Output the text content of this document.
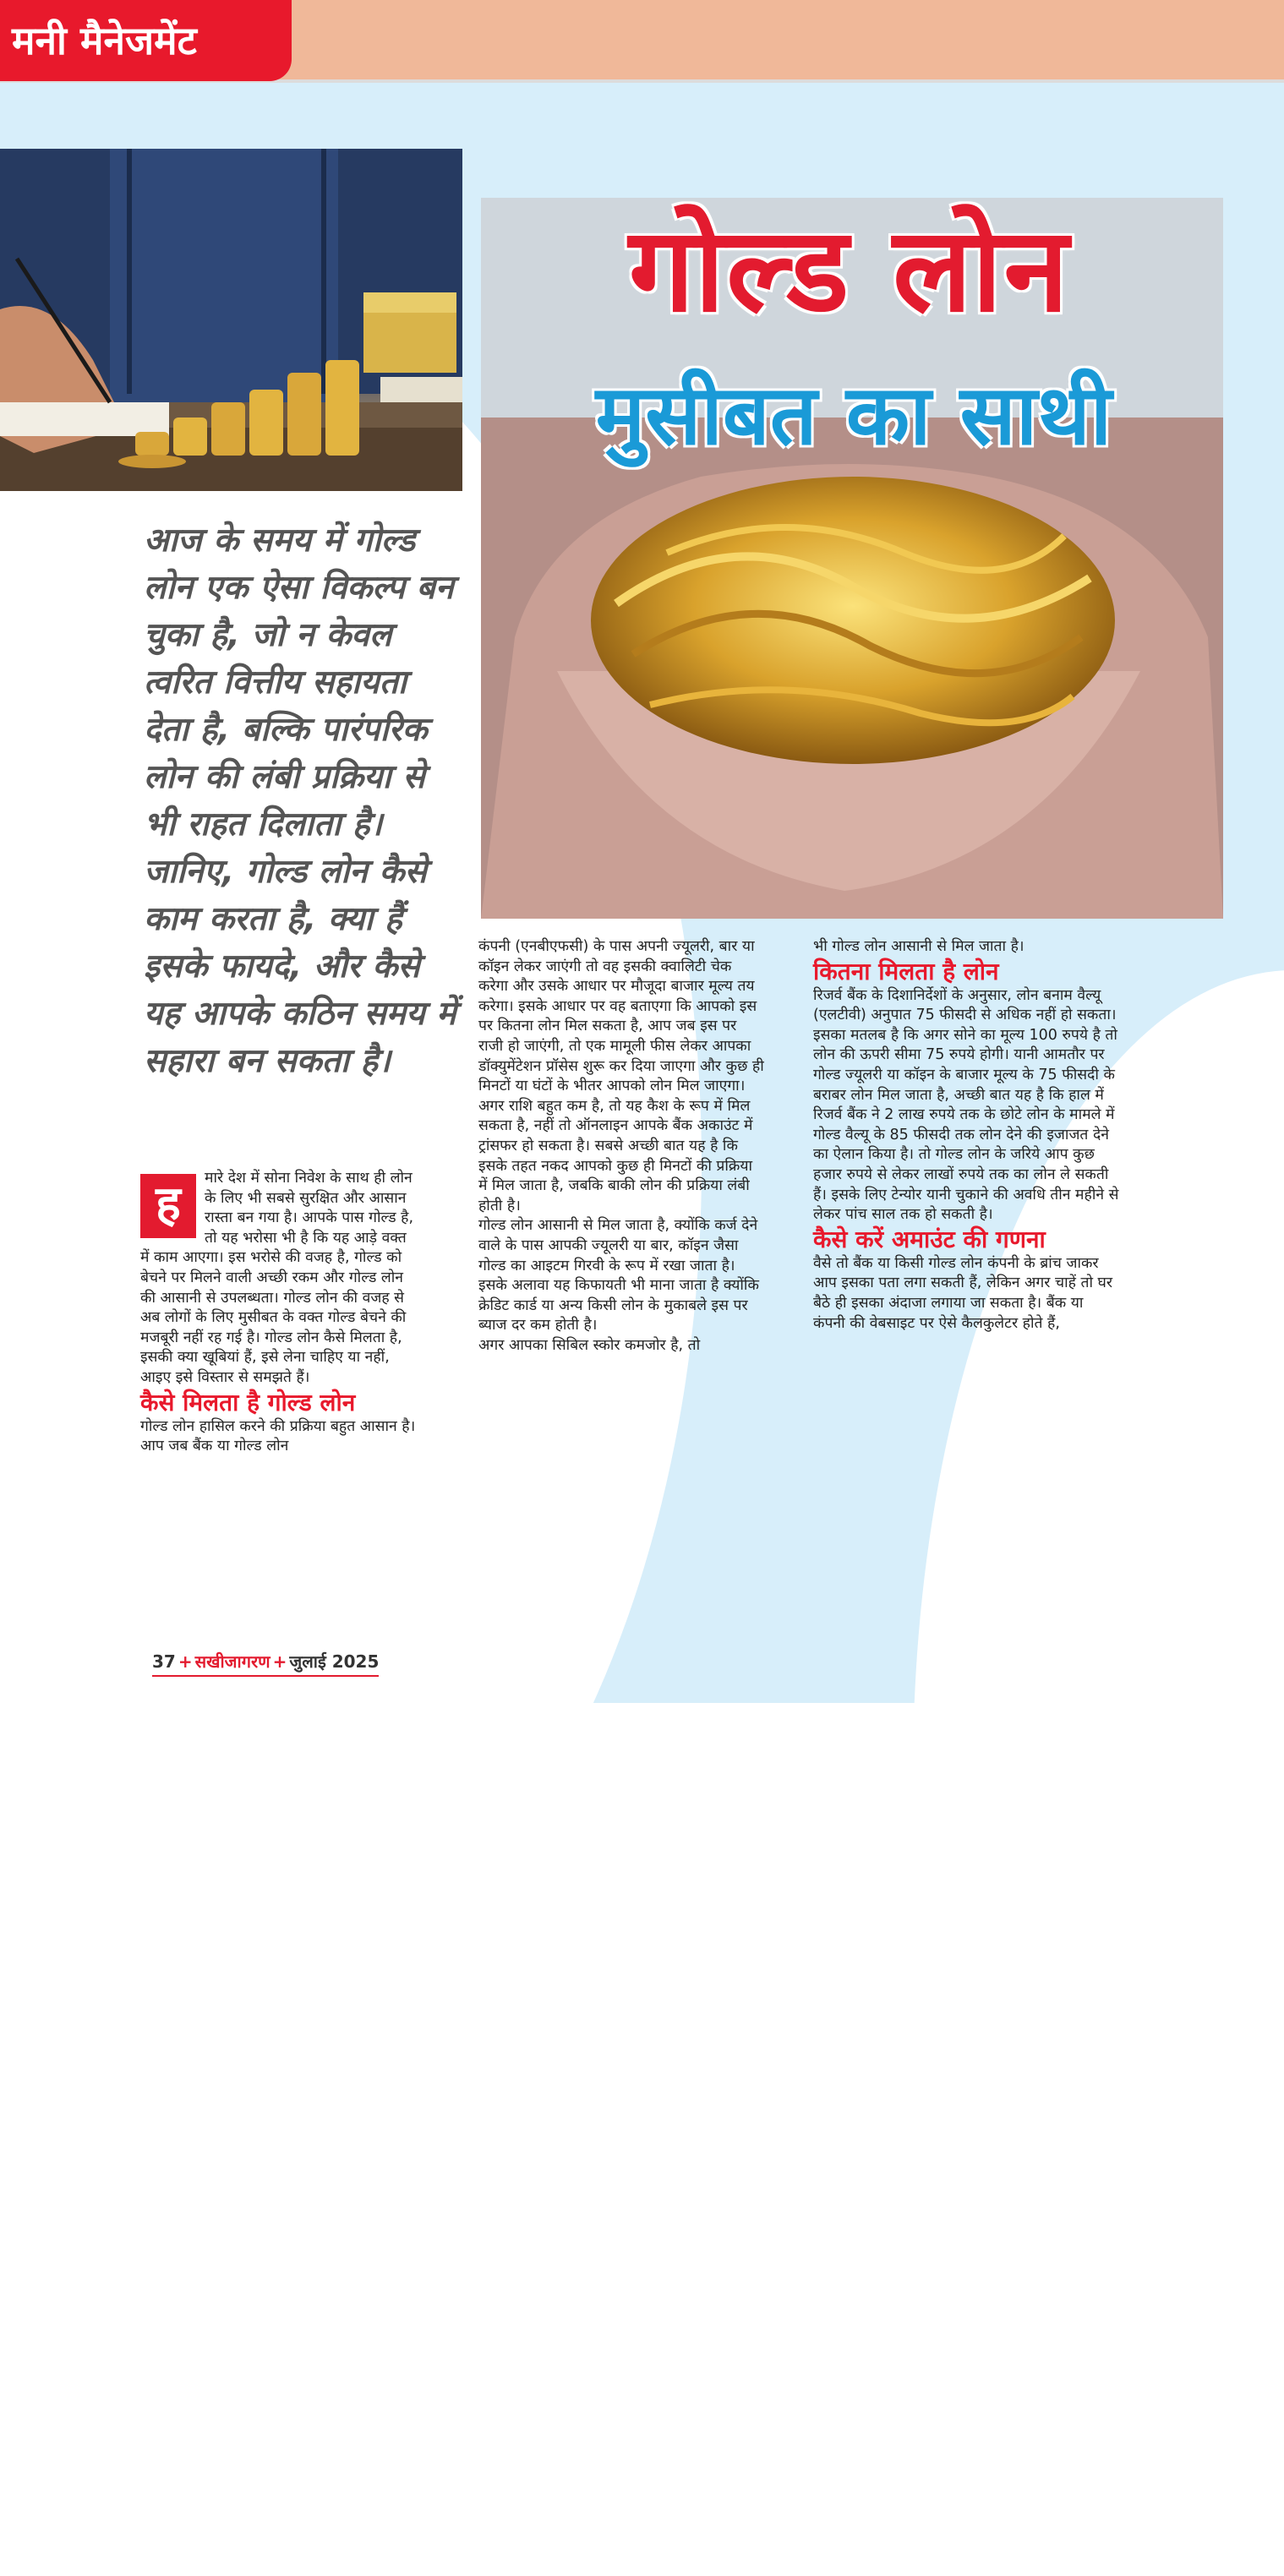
मनी मैनेजमेंट
गोल्ड लोन
मुसीबत का साथी
आज के समय में गोल्ड लोन एक ऐसा विकल्प बन चुका है, जो न केवल त्वरित वित्तीय सहायता देता है, बल्कि पारंपरिक लोन की लंबी प्रक्रिया से भी राहत दिलाता है। जानिए, गोल्ड लोन कैसे काम करता है, क्या हैं इसके फायदे, और कैसे यह आपके कठिन समय में सहारा बन सकता है।
ह	मारे देश में सोना निवेश के साथ ही लोन के लिए भी सबसे सुरक्षित और आसान रास्ता बन गया है। आपके पास गोल्ड है, तो यह भरोसा भी है कि यह आड़े वक्त में काम आएगा। इस भरोसे की वजह है, गोल्ड को बेचने पर मिलने वाली अच्छी रकम और गोल्ड लोन की आसानी से उपलब्धता। गोल्ड लोन की वजह से अब लोगों के लिए मुसीबत के वक्त गोल्ड बेचने की मजबूरी नहीं रह गई है। गोल्ड लोन कैसे मिलता है, इसकी क्या खूबियां हैं, इसे लेना चाहिए या नहीं, आइए इसे विस्तार से समझते हैं।

कैसे मिलता है गोल्ड लोन

गोल्ड लोन हासिल करने की प्रक्रिया बहुत आसान है। आप जब बैंक या गोल्ड लोन

कंपनी (एनबीएफसी) के पास अपनी ज्यूलरी, बार या कॉइन लेकर जाएंगी तो वह इसकी क्वालिटी चेक करेगा और उसके आधार पर मौजूदा बाजार मूल्य तय करेगा। इसके आधार पर वह बताएगा कि आपको इस पर कितना लोन मिल सकता है, आप जब इस पर राजी हो जाएंगी, तो एक मामूली फीस लेकर आपका डॉक्युमेंटेशन प्रॉसेस शुरू कर दिया जाएगा और कुछ ही मिनटों या घंटों के भीतर आपको लोन मिल जाएगा। अगर राशि बहुत कम है, तो यह कैश के रूप में मिल सकता है, नहीं तो ऑनलाइन आपके बैंक अकाउंट में ट्रांसफर हो सकता है। सबसे अच्छी बात यह है कि इसके तहत नकद आपको कुछ ही मिनटों की प्रक्रिया में मिल जाता है, जबकि बाकी लोन की प्रक्रिया लंबी होती है।

गोल्ड लोन आसानी से मिल जाता है, क्योंकि कर्ज देने वाले के पास आपकी ज्यूलरी या बार, कॉइन जैसा गोल्ड का आइटम गिरवी के रूप में रखा जाता है। इसके अलावा यह किफायती भी माना जाता है क्योंकि क्रेडिट कार्ड या अन्य किसी लोन के मुकाबले इस पर ब्याज दर कम होती है।

अगर आपका सिबिल स्कोर कमजोर है, तो

भी गोल्ड लोन आसानी से मिल जाता है।

कितना मिलता है लोन

रिजर्व बैंक के दिशानिर्देशों के अनुसार, लोन बनाम वैल्यू (एलटीवी) अनुपात 75 फीसदी से अधिक नहीं हो सकता। इसका मतलब है कि अगर सोने का मूल्य 100 रुपये है तो लोन की ऊपरी सीमा 75 रुपये होगी। यानी आमतौर पर गोल्ड ज्यूलरी या कॉइन के बाजार मूल्य के 75 फीसदी के बराबर लोन मिल जाता है, अच्छी बात यह है कि हाल में रिजर्व बैंक ने 2 लाख रुपये तक के छोटे लोन के मामले में गोल्ड वैल्यू के 85 फीसदी तक लोन देने की इजाजत देने का ऐलान किया है। तो गोल्ड लोन के जरिये आप कुछ हजार रुपये से लेकर लाखों रुपये तक का लोन ले सकती हैं। इसके लिए टेन्योर यानी चुकाने की अवधि तीन महीने से लेकर पांच साल तक हो सकती है।

कैसे करें अमाउंट की गणना

वैसे तो बैंक या किसी गोल्ड लोन कंपनी के ब्रांच जाकर आप इसका पता लगा सकती हैं, लेकिन अगर चाहें तो घर बैठे ही इसका अंदाजा लगाया जा सकता है। बैंक या कंपनी की वेबसाइट पर ऐसे कैलकुलेटर होते हैं,

37 + सखीजागरण + जुलाई 2025
